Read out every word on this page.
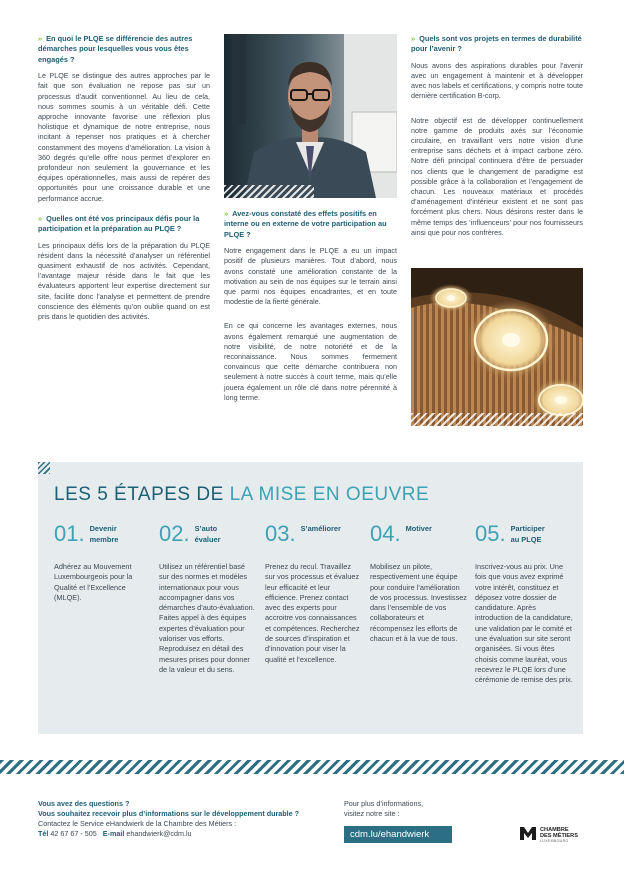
» En quoi le PLQE se différencie des autres démarches pour lesquelles vous vous êtes engagés ?
Le PLQE se distingue des autres approches par le fait que son évaluation ne repose pas sur un processus d’audit conventionnel. Au lieu de cela, nous sommes soumis à un véritable défi. Cette approche innovante favorise une réflexion plus holistique et dynamique de notre entreprise, nous incitant à repenser nos pratiques et à chercher constamment des moyens d’amélioration. La vision à 360 degrés qu’elle offre nous permet d’explorer en profondeur non seulement la gouvernance et les équipes opérationnelles, mais aussi de repérer des opportunités pour une croissance durable et une performance accrue.
» Quelles ont été vos principaux défis pour la participation et la préparation au PLQE ?
Les principaux défis lors de la préparation du PLQE résident dans la nécessité d’analyser un référentiel quasiment exhaustif de nos activités. Cependant, l’avantage majeur réside dans le fait que les évaluateurs apportent leur expertise directement sur site, facilite donc l’analyse et permettent de prendre conscience des éléments qu’on oublie quand on est pris dans le quotidien des activités.
» Avez-vous constaté des effets positifs en interne ou en externe de votre participation au PLQE ?
Notre engagement dans le PLQE a eu un impact positif de plusieurs manières. Tout d’abord, nous avons constaté une amélioration constante de la motivation au sein de nos équipes sur le terrain ainsi que parmi nos équipes encadrantes, et en toute modestie de la fierté générale.
En ce qui concerne les avantages externes, nous avons également remarqué une augmentation de notre visibilité, de notre notoriété et de la reconnaissance. Nous sommes fermement convaincus que cette démarche contribuera non seulement à notre succès à court terme, mais qu’elle jouera également un rôle clé dans notre pérennité à long terme.
» Quels sont vos projets en termes de durabilité pour l’avenir ?
Nous avons des aspirations durables pour l’avenir avec un engagement à maintenir et à développer avec nos labels et certifications, y compris notre toute dernière certification B-corp.
Notre objectif est de développer continuellement notre gamme de produits axés sur l’économie circulaire, en travaillant vers notre vision d’une entreprise sans déchets et à impact carbone zéro. Notre défi principal continuera d’être de persuader nos clients que le changement de paradigme est possible grâce à la collaboration et l’engagement de chacun. Les nouveaux matériaux et procédés d’aménagement d’intérieur existent et ne sont pas forcément plus chers. Nous désirons rester dans le même temps des ‘influenceurs’ pour nos fournisseurs ainsi que pour nos confrères.
LES 5 ÉTAPES DE LA MISE EN OEUVRE
01. Devenir membre
Adhérez au Mouvement Luxembourgeois pour la Qualité et l’Excellence (MLQE).
02. S’auto évaluer
Utilisez un référentiel basé sur des normes et modèles internationaux pour vous accompagner dans vos démarches d’auto-évaluation. Faites appel à des équipes expertes d’évaluation pour valoriser vos efforts. Reproduisez en détail des mesures prises pour donner de la valeur et du sens.
03. S’améliorer
Prenez du recul. Travaillez sur vos processus et évaluez leur efficacité et leur efficience. Prenez contact avec des experts pour accroitre vos connaissances et compétences. Recherchez de sources d’inspiration et d’innovation pour viser la qualité et l’excellence.
04. Motiver
Mobilisez un pilote, respectivement une équipe pour conduire l’amélioration de vos processus. Investissez dans l’ensemble de vos collaborateurs et récompensez les efforts de chacun et à la vue de tous.
05. Participer au PLQE
Inscrivez-vous au prix. Une fois que vous avez exprimé votre intérêt, constituez et déposez votre dossier de candidature. Après introduction de la candidature, une validation par le comité et une évaluation sur site seront organisées. Si vous êtes choisis comme lauréat, vous recevrez le PLQE lors d’une cérémonie de remise des prix.
Vous avez des questions ?
Vous souhaitez recevoir plus d’informations sur le développement durable ?
Contactez le Service eHandwierk de la Chambre des Métiers :
Tél 42 67 67 - 505 E-mail ehandwierk@cdm.lu
Pour plus d’informations,
visitez notre site :
cdm.lu/ehandwierk	CHAMBRE
DES MÉTIERS
LUXEMBOURG
